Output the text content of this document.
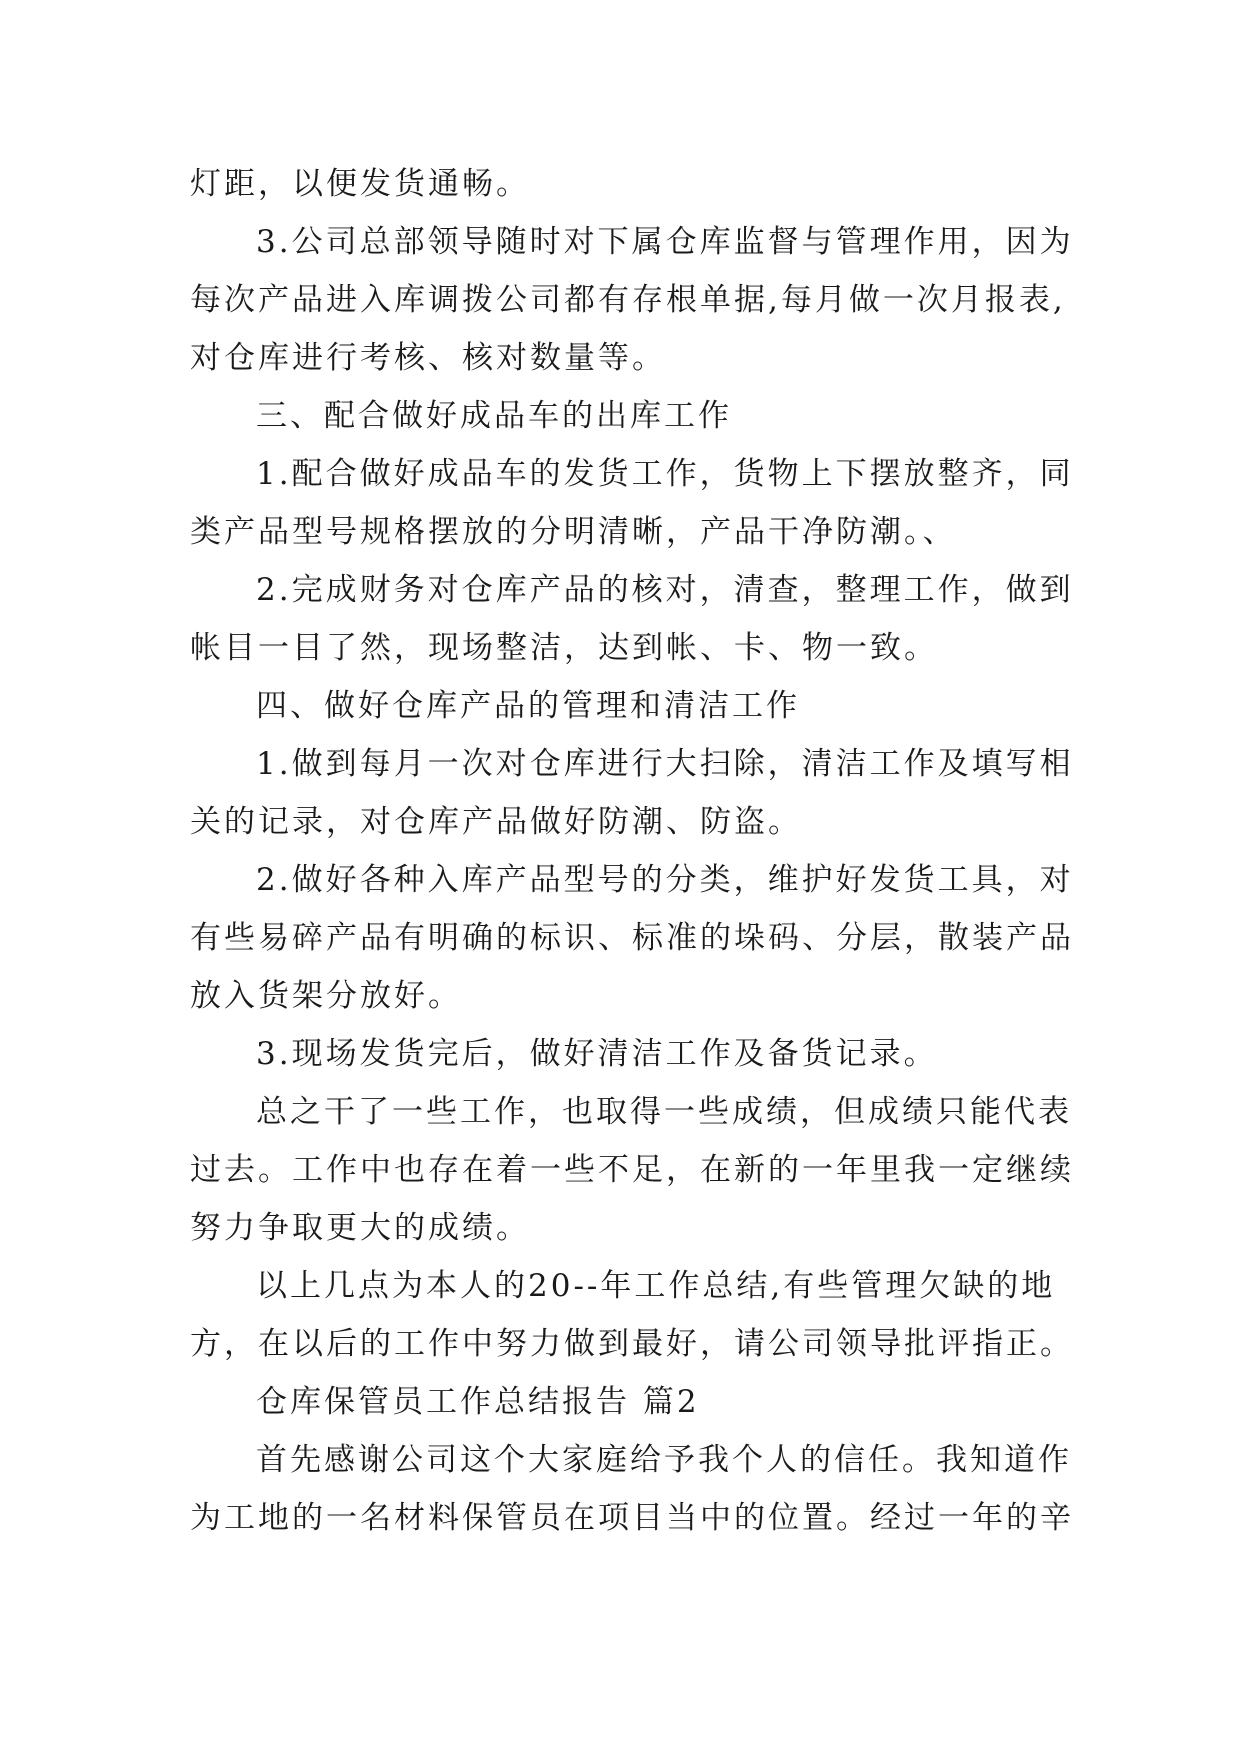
灯距，以便发货通畅。
3.公司总部领导随时对下属仓库监督与管理作用，因为
每次产品进入库调拨公司都有存根单据,每月做一次月报表,
对仓库进行考核、核对数量等。
三、配合做好成品车的出库工作
1.配合做好成品车的发货工作，货物上下摆放整齐，同
类产品型号规格摆放的分明清晰，产品干净防潮。、
2.完成财务对仓库产品的核对，清查，整理工作，做到
帐目一目了然，现场整洁，达到帐、卡、物一致。
四、做好仓库产品的管理和清洁工作
1.做到每月一次对仓库进行大扫除，清洁工作及填写相
关的记录，对仓库产品做好防潮、防盗。
2.做好各种入库产品型号的分类，维护好发货工具，对
有些易碎产品有明确的标识、标准的垛码、分层，散装产品
放入货架分放好。
3.现场发货完后，做好清洁工作及备货记录。
总之干了一些工作，也取得一些成绩，但成绩只能代表
过去。工作中也存在着一些不足，在新的一年里我一定继续
努力争取更大的成绩。
以上几点为本人的20--年工作总结,有些管理欠缺的地
方，在以后的工作中努力做到最好，请公司领导批评指正。
仓库保管员工作总结报告 篇2
首先感谢公司这个大家庭给予我个人的信任。我知道作
为工地的一名材料保管员在项目当中的位置。经过一年的辛
